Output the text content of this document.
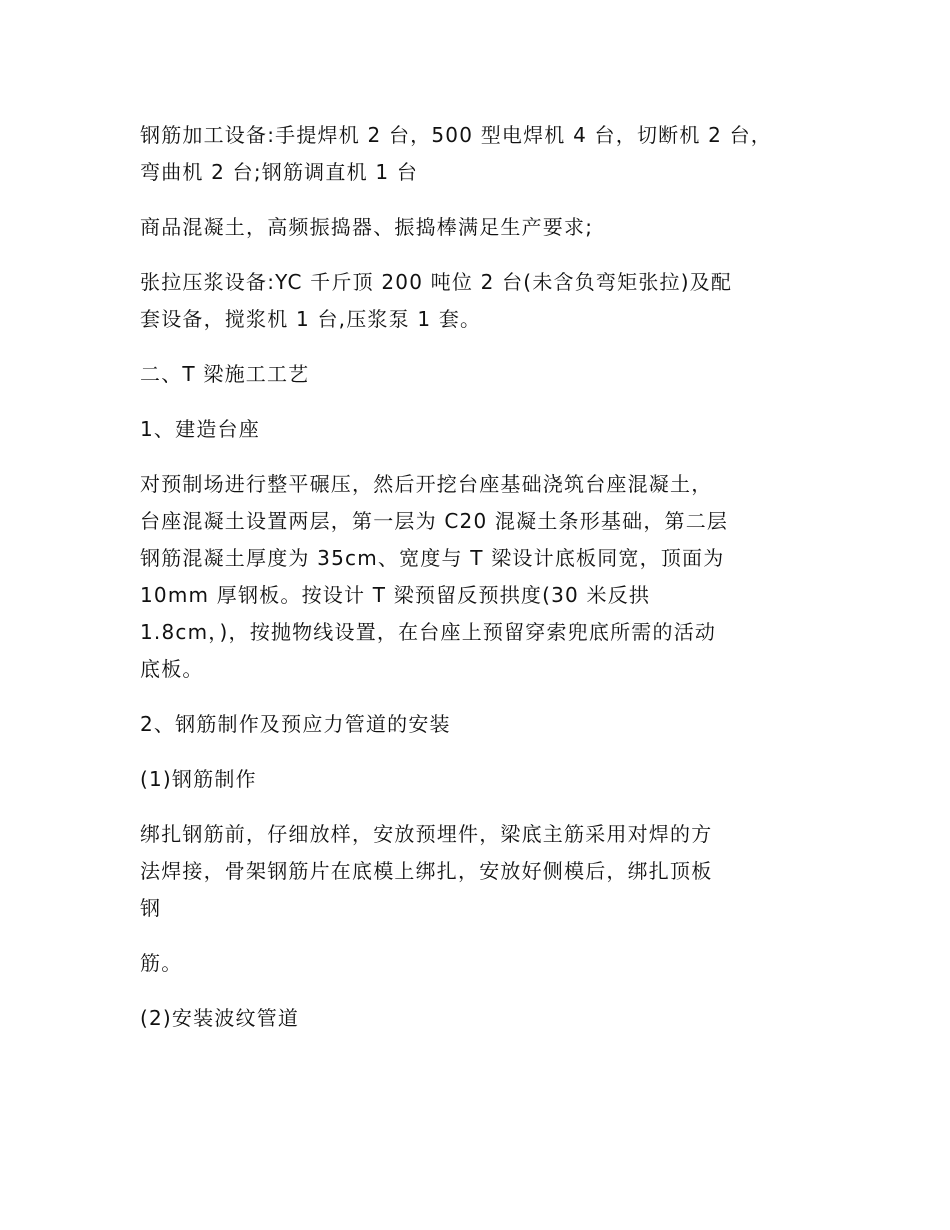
钢筋加工设备:手提焊机 2 台，500 型电焊机 4 台，切断机 2 台，
弯曲机 2 台;钢筋调直机 1 台

商品混凝土，高频振捣器、振捣棒满足生产要求;

张拉压浆设备:YC 千斤顶 200 吨位 2 台(未含负弯矩张拉)及配
套设备，搅浆机 1 台,压浆泵 1 套。

二、T 梁施工工艺

1、建造台座

对预制场进行整平碾压，然后开挖台座基础浇筑台座混凝土，
台座混凝土设置两层，第一层为 C20 混凝土条形基础，第二层
钢筋混凝土厚度为 35cm、宽度与 T 梁设计底板同宽，顶面为
10mm 厚钢板。按设计 T 梁预留反预拱度(30 米反拱
1.8cm，)，按抛物线设置，在台座上预留穿索兜底所需的活动
底板。

2、钢筋制作及预应力管道的安装

(1)钢筋制作

绑扎钢筋前，仔细放样，安放预埋件，梁底主筋采用对焊的方
法焊接，骨架钢筋片在底模上绑扎，安放好侧模后，绑扎顶板
钢

筋。

(2)安装波纹管道
